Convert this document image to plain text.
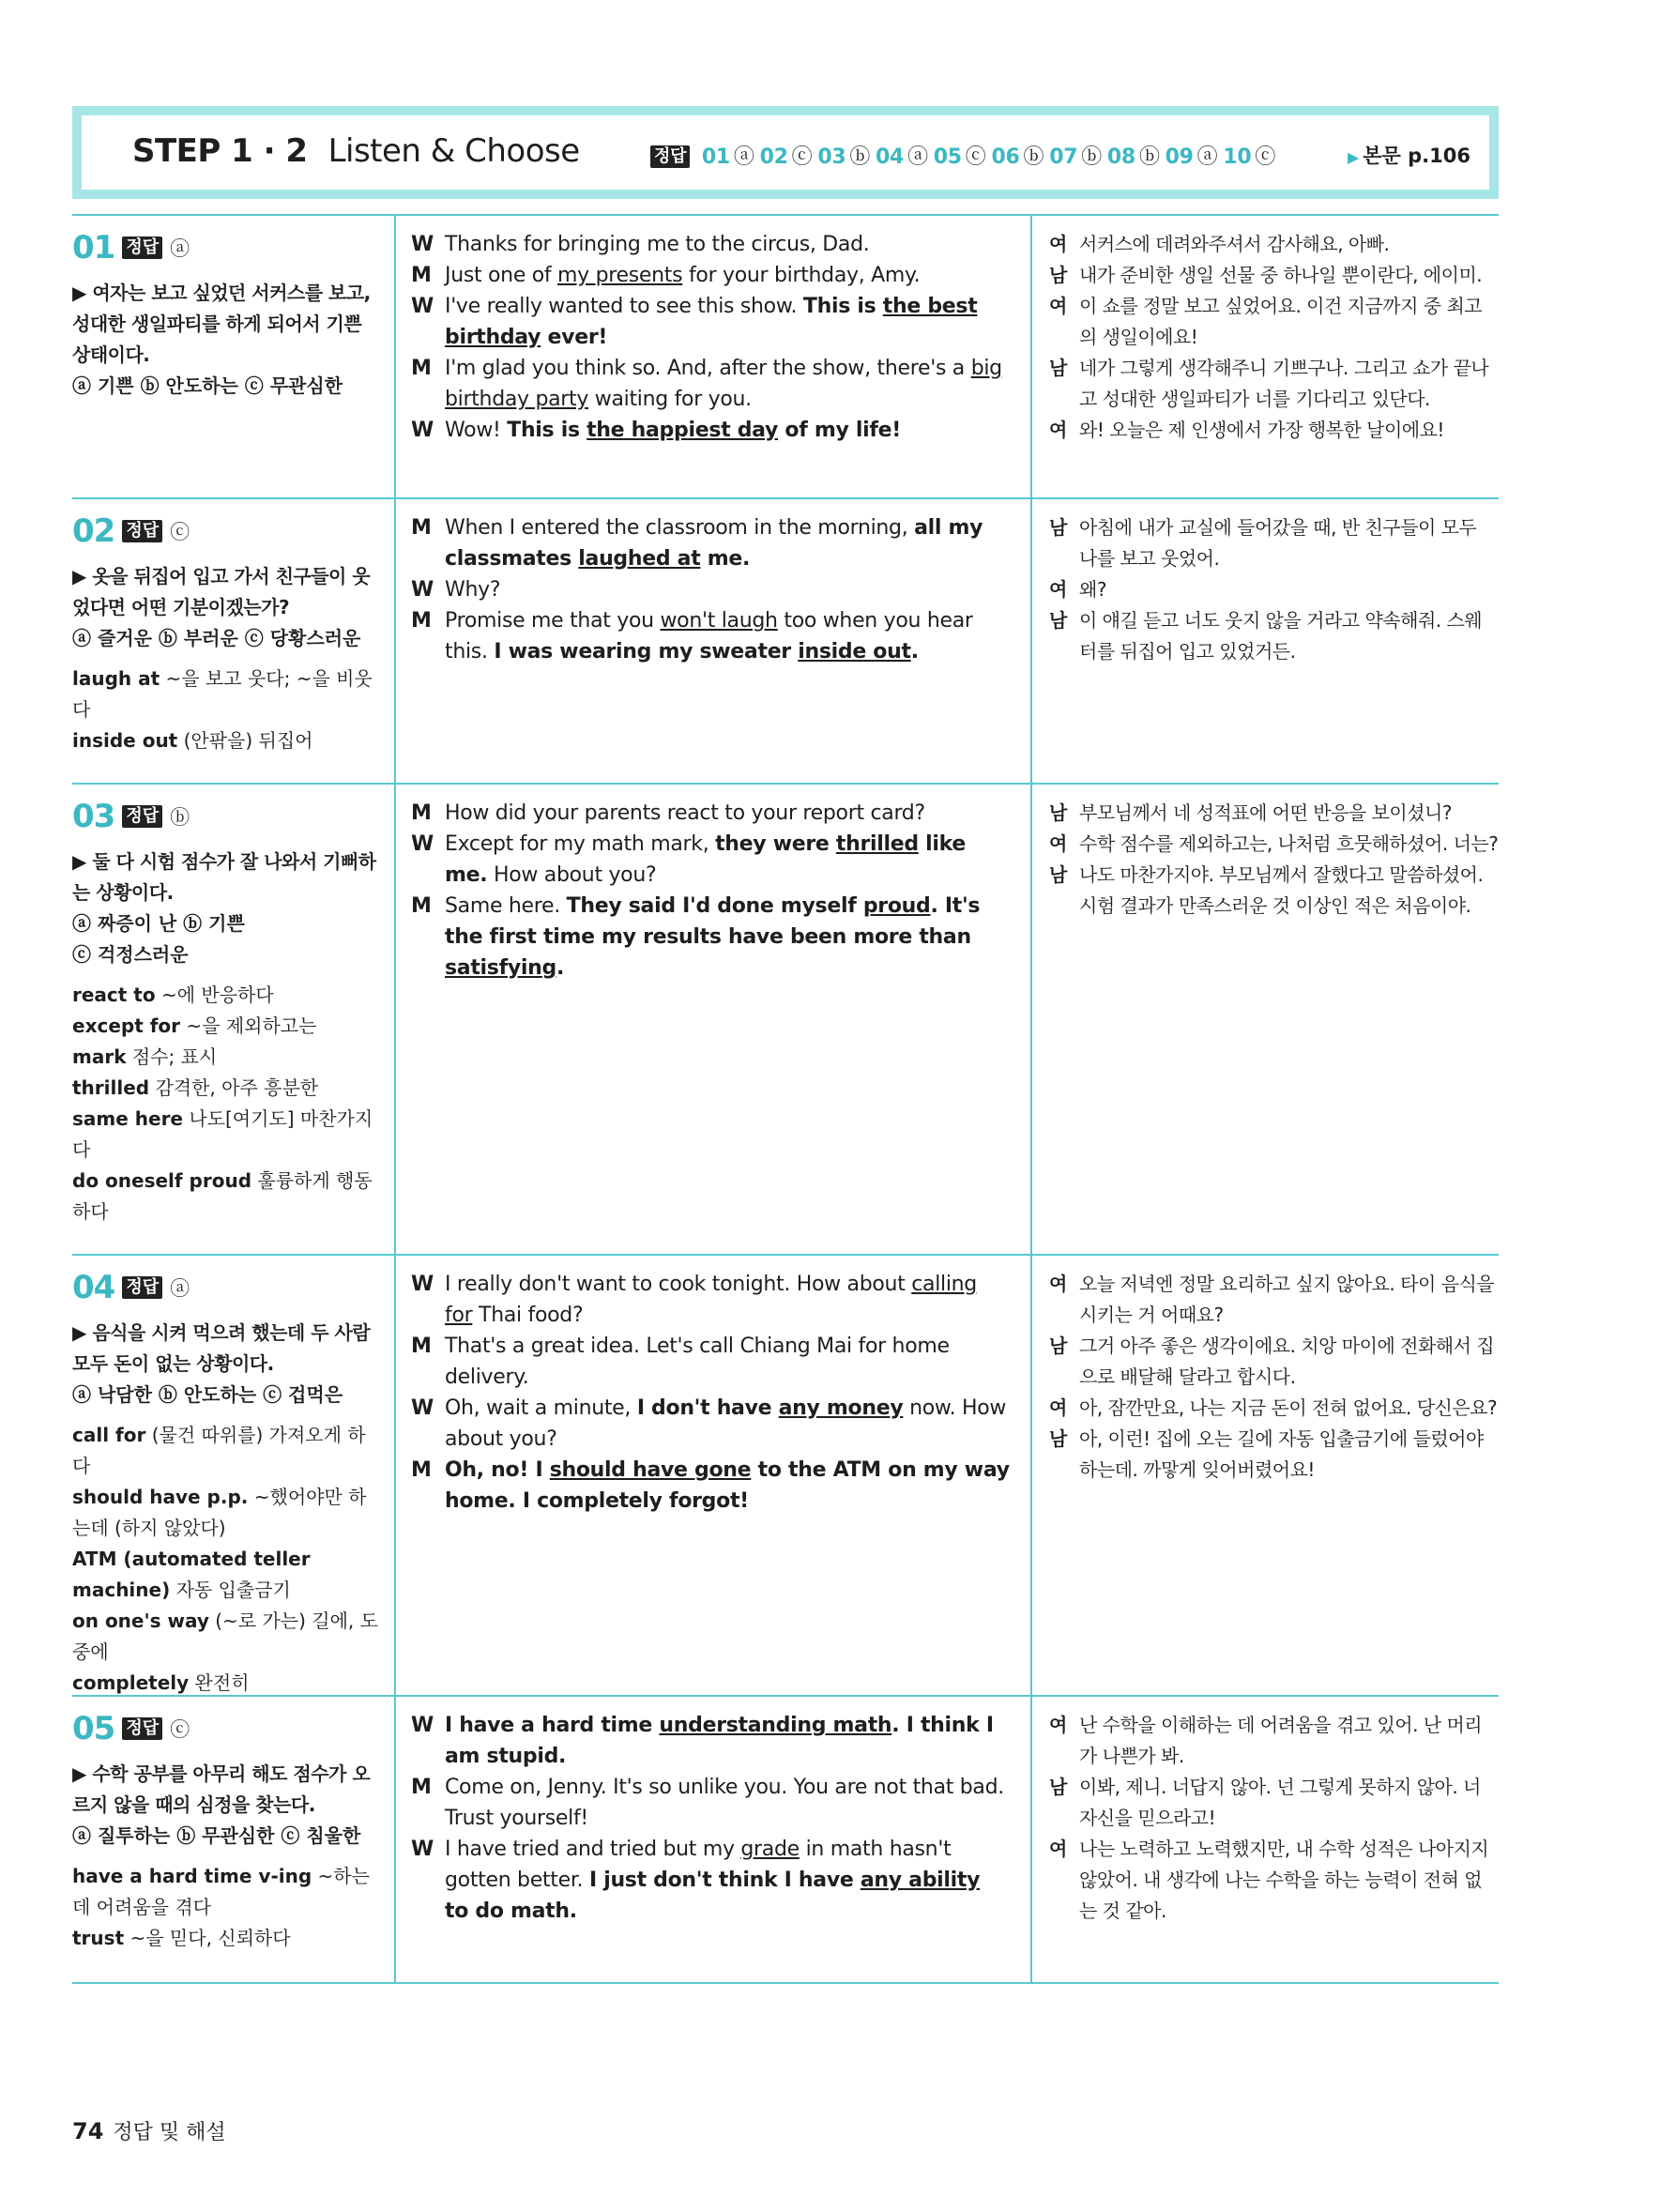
STEP 1 · 2 Listen & Choose	정답 01 ⓐ 02 ⓒ 03 ⓑ 04 ⓐ 05 ⓒ 06 ⓑ 07 ⓑ 08 ⓑ 09 ⓐ 10 ⓒ	▶ 본문 p.106
01 정답 ⓐ
▶ 여자는 보고 싶었던 서커스를 보고, 성대한 생일파티를 하게 되어서 기쁜 상태이다.
ⓐ 기쁜 ⓑ 안도하는 ⓒ 무관심한
W Thanks for bringing me to the circus, Dad.
M Just one of my presents for your birthday, Amy.
W I've really wanted to see this show. This is the best birthday ever!
M I'm glad you think so. And, after the show, there's a big birthday party waiting for you.
W Wow! This is the happiest day of my life!
여 서커스에 데려와주셔서 감사해요, 아빠.
남 내가 준비한 생일 선물 중 하나일 뿐이란다, 에이미.
여 이 쇼를 정말 보고 싶었어요. 이건 지금까지 중 최고의 생일이에요!
남 네가 그렇게 생각해주니 기쁘구나. 그리고 쇼가 끝나고 성대한 생일파티가 너를 기다리고 있단다.
여 와! 오늘은 제 인생에서 가장 행복한 날이에요!
02 정답 ⓒ
▶ 옷을 뒤집어 입고 가서 친구들이 웃었다면 어떤 기분이겠는가?
ⓐ 즐거운 ⓑ 부러운 ⓒ 당황스러운
laugh at ~을 보고 웃다; ~을 비웃다
inside out (안팎을) 뒤집어
M When I entered the classroom in the morning, all my classmates laughed at me.
W Why?
M Promise me that you won't laugh too when you hear this. I was wearing my sweater inside out.
남 아침에 내가 교실에 들어갔을 때, 반 친구들이 모두 나를 보고 웃었어.
여 왜?
남 이 얘길 듣고 너도 웃지 않을 거라고 약속해줘. 스웨터를 뒤집어 입고 있었거든.
03 정답 ⓑ
▶ 둘 다 시험 점수가 잘 나와서 기뻐하는 상황이다.
ⓐ 짜증이 난 ⓑ 기쁜
ⓒ 걱정스러운
react to ~에 반응하다
except for ~을 제외하고는
mark 점수; 표시
thrilled 감격한, 아주 흥분한
same here 나도[여기도] 마찬가지다
do oneself proud 훌륭하게 행동하다
M How did your parents react to your report card?
W Except for my math mark, they were thrilled like me. How about you?
M Same here. They said I'd done myself proud. It's the first time my results have been more than satisfying.
남 부모님께서 네 성적표에 어떤 반응을 보이셨니?
여 수학 점수를 제외하고는, 나처럼 흐뭇해하셨어. 너는?
남 나도 마찬가지야. 부모님께서 잘했다고 말씀하셨어. 시험 결과가 만족스러운 것 이상인 적은 처음이야.
04 정답 ⓐ
▶ 음식을 시켜 먹으려 했는데 두 사람 모두 돈이 없는 상황이다.
ⓐ 낙담한 ⓑ 안도하는 ⓒ 겁먹은
call for (물건 따위를) 가져오게 하다
should have p.p. ~했어야만 하는데 (하지 않았다)
ATM (automated teller machine) 자동 입출금기
on one's way (~로 가는) 길에, 도중에
completely 완전히
W I really don't want to cook tonight. How about calling for Thai food?
M That's a great idea. Let's call Chiang Mai for home delivery.
W Oh, wait a minute, I don't have any money now. How about you?
M Oh, no! I should have gone to the ATM on my way home. I completely forgot!
여 오늘 저녁엔 정말 요리하고 싶지 않아요. 타이 음식을 시키는 거 어때요?
남 그거 아주 좋은 생각이에요. 치앙 마이에 전화해서 집으로 배달해 달라고 합시다.
여 아, 잠깐만요, 나는 지금 돈이 전혀 없어요. 당신은요?
남 아, 이런! 집에 오는 길에 자동 입출금기에 들렀어야 하는데. 까맣게 잊어버렸어요!
05 정답 ⓒ
▶ 수학 공부를 아무리 해도 점수가 오르지 않을 때의 심정을 찾는다.
ⓐ 질투하는 ⓑ 무관심한 ⓒ 침울한
have a hard time v-ing ~하는 데 어려움을 겪다
trust ~을 믿다, 신뢰하다
W I have a hard time understanding math. I think I am stupid.
M Come on, Jenny. It's so unlike you. You are not that bad. Trust yourself!
W I have tried and tried but my grade in math hasn't gotten better. I just don't think I have any ability to do math.
여 난 수학을 이해하는 데 어려움을 겪고 있어. 난 머리가 나쁜가 봐.
남 이봐, 제니. 너답지 않아. 넌 그렇게 못하지 않아. 너 자신을 믿으라고!
여 나는 노력하고 노력했지만, 내 수학 성적은 나아지지 않았어. 내 생각에 나는 수학을 하는 능력이 전혀 없는 것 같아.
74 정답 및 해설
